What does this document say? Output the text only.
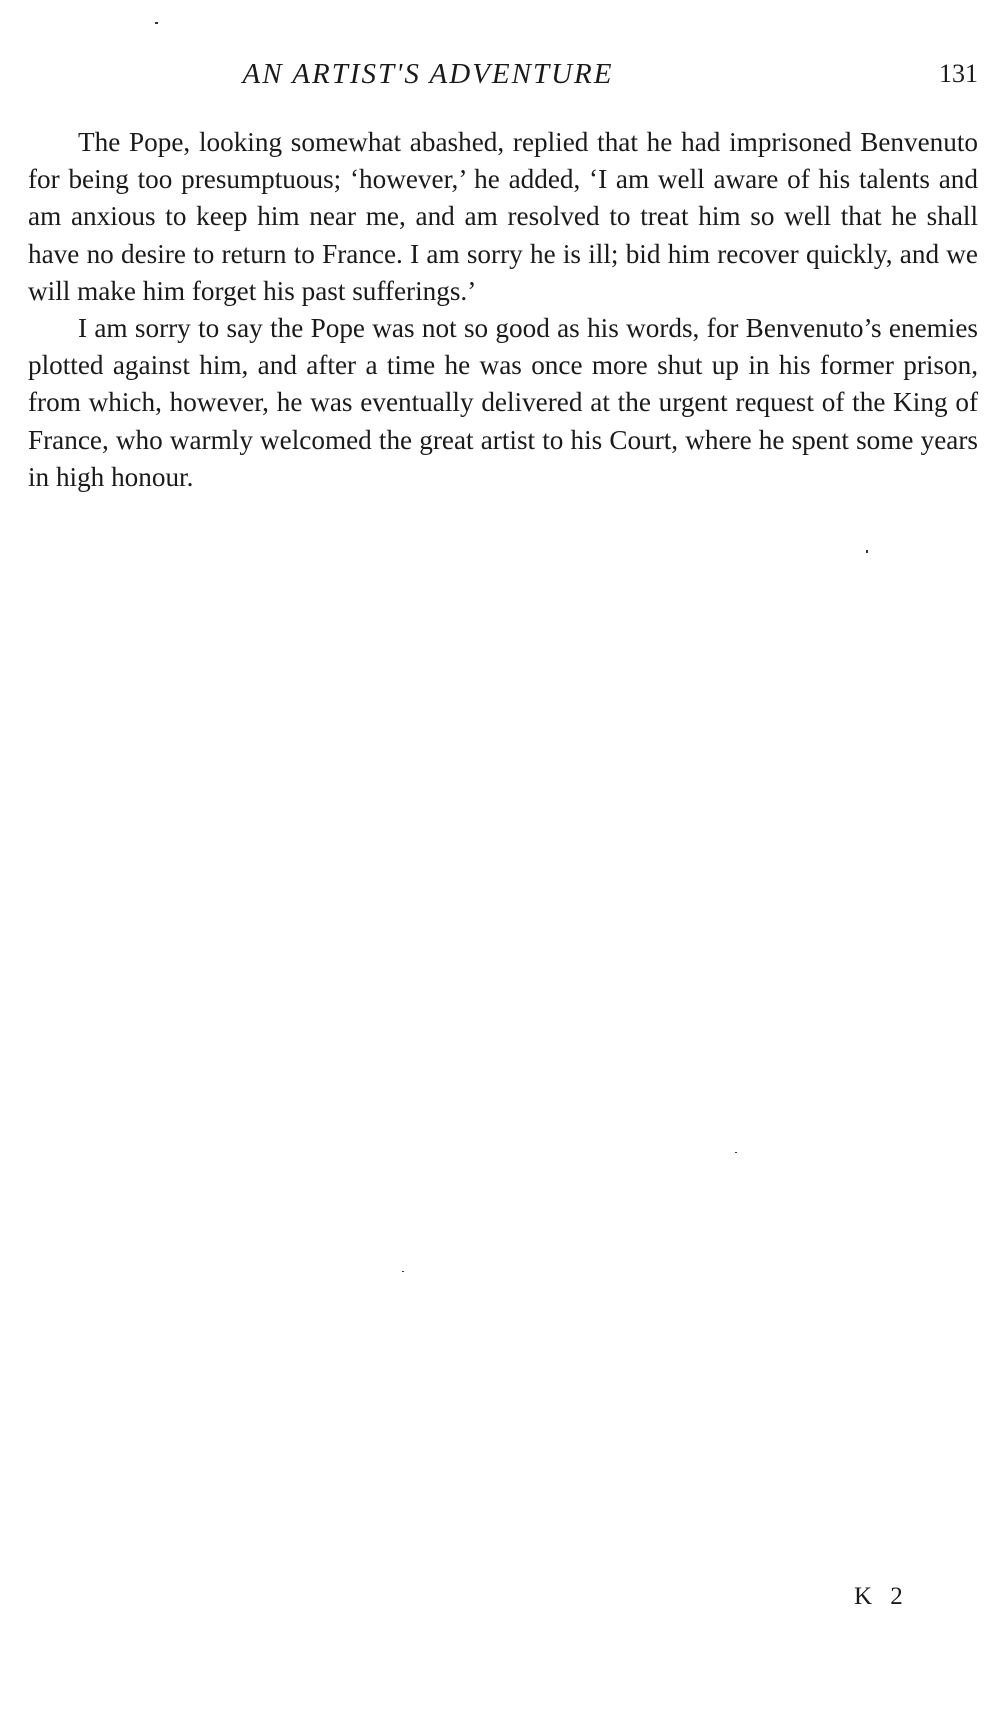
AN ARTIST'S ADVENTURE	131

The Pope, looking somewhat abashed, replied that he had imprisoned Benvenuto for being too presumptuous; ‘however,’ he added, ‘I am well aware of his talents and am anxious to keep him near me, and am resolved to treat him so well that he shall have no desire to return to France. I am sorry he is ill; bid him recover quickly, and we will make him forget his past sufferings.’

I am sorry to say the Pope was not so good as his words, for Benvenuto’s enemies plotted against him, and after a time he was once more shut up in his former prison, from which, however, he was eventually delivered at the urgent request of the King of France, who warmly welcomed the great artist to his Court, where he spent some years in high honour.

K 2
